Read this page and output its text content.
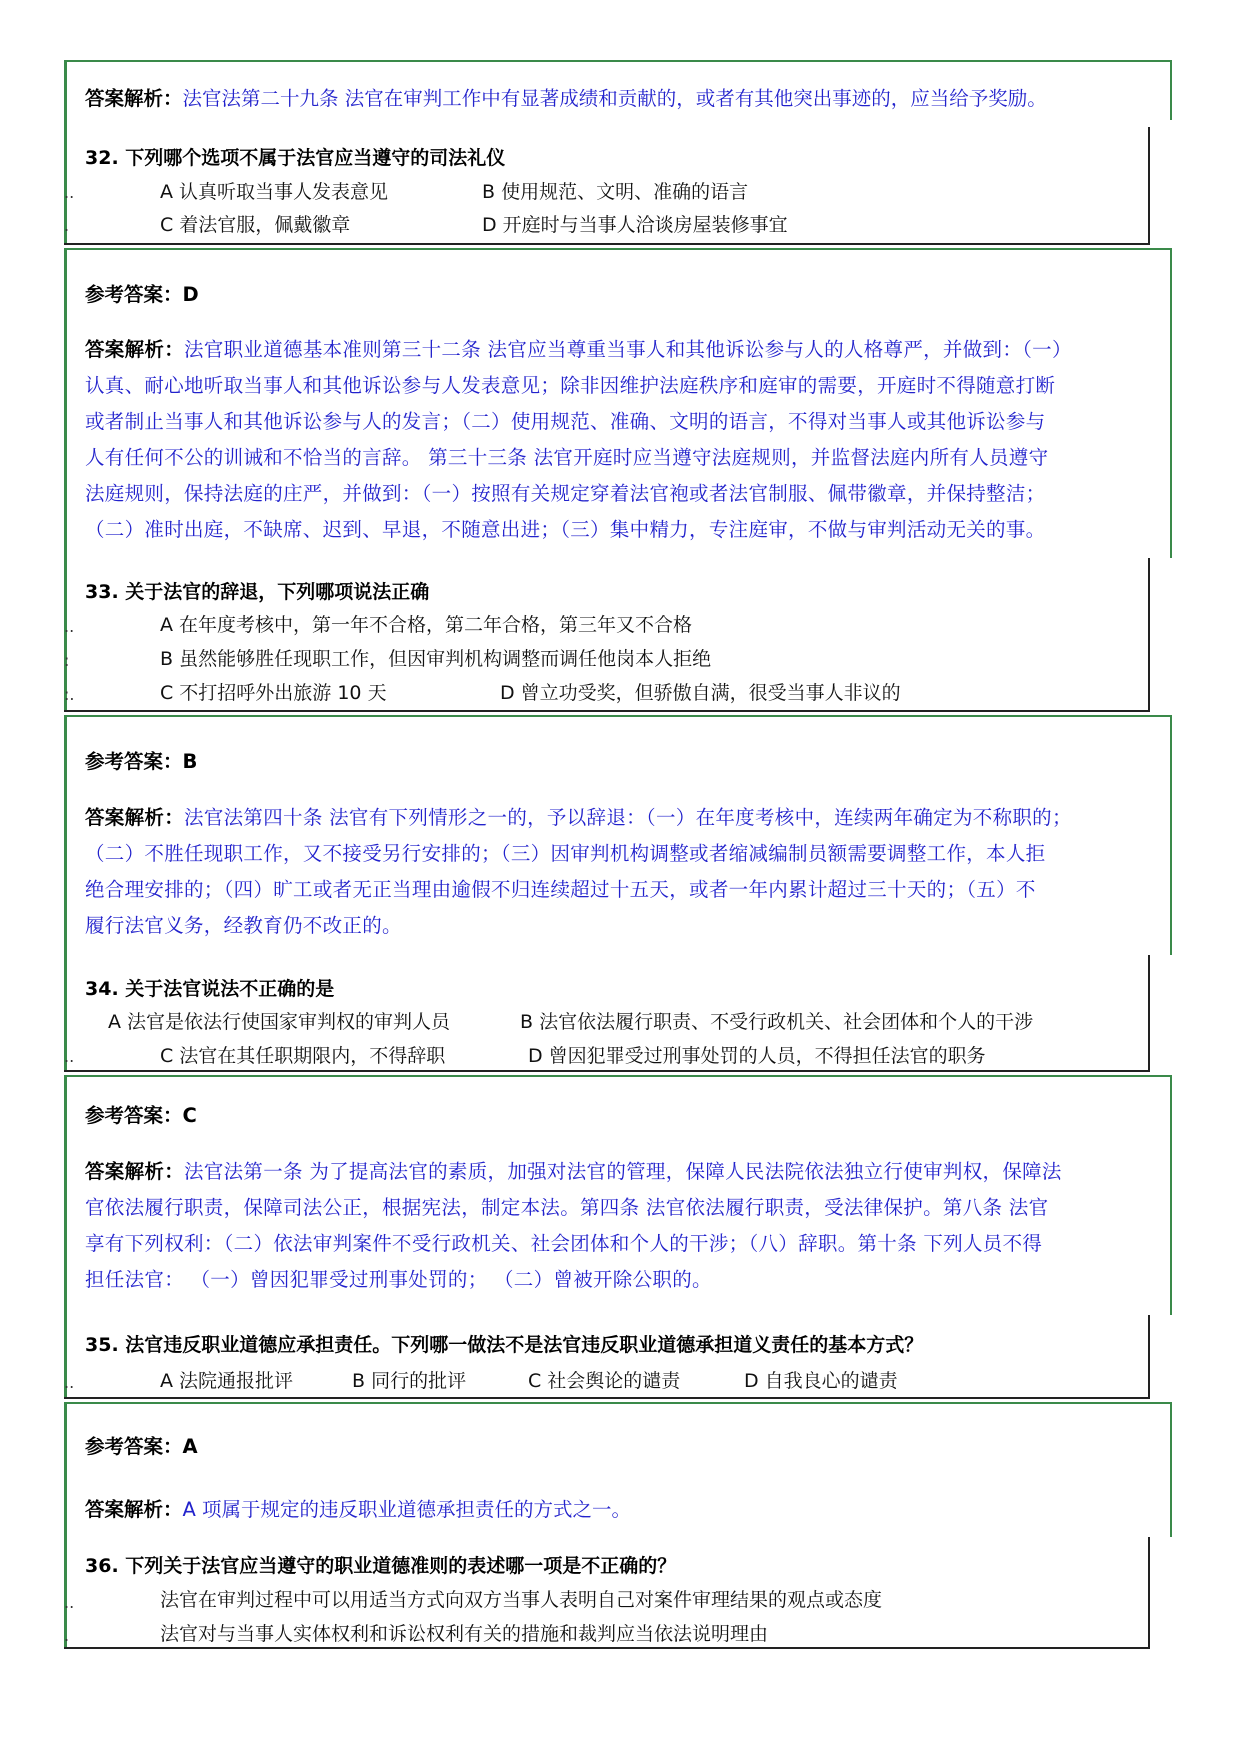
答案解析：法官法第二十九条 法官在审判工作中有显著成绩和贡献的，或者有其他突出事迹的，应当给予奖励。
32. 下列哪个选项不属于法官应当遵守的司法礼仪
..	A 认真听取当事人发表意见	B 使用规范、文明、准确的语言
.	C 着法官服，佩戴徽章	D 开庭时与当事人洽谈房屋装修事宜
参考答案：D
答案解析：法官职业道德基本准则第三十二条 法官应当尊重当事人和其他诉讼参与人的人格尊严，并做到：（一）
认真、耐心地听取当事人和其他诉讼参与人发表意见；除非因维护法庭秩序和庭审的需要，开庭时不得随意打断
或者制止当事人和其他诉讼参与人的发言；（二）使用规范、准确、文明的语言，不得对当事人或其他诉讼参与
人有任何不公的训诫和不恰当的言辞。 第三十三条 法官开庭时应当遵守法庭规则，并监督法庭内所有人员遵守
法庭规则，保持法庭的庄严，并做到：（一）按照有关规定穿着法官袍或者法官制服、佩带徽章，并保持整洁；
（二）准时出庭，不缺席、迟到、早退，不随意出进；（三）集中精力，专注庭审，不做与审判活动无关的事。
33. 关于法官的辞退，下列哪项说法正确
..	A 在年度考核中，第一年不合格，第二年合格，第三年又不合格
:	B 虽然能够胜任现职工作，但因审判机构调整而调任他岗本人拒绝
:.	C 不打招呼外出旅游 10 天	D 曾立功受奖，但骄傲自满，很受当事人非议的
参考答案：B
答案解析：法官法第四十条 法官有下列情形之一的，予以辞退：（一）在年度考核中，连续两年确定为不称职的；
（二）不胜任现职工作，又不接受另行安排的；（三）因审判机构调整或者缩减编制员额需要调整工作，本人拒
绝合理安排的；（四）旷工或者无正当理由逾假不归连续超过十五天，或者一年内累计超过三十天的；（五）不
履行法官义务，经教育仍不改正的。
34. 关于法官说法不正确的是
A 法官是依法行使国家审判权的审判人员	B 法官依法履行职责、不受行政机关、社会团体和个人的干涉
..	C 法官在其任职期限内，不得辞职	D 曾因犯罪受过刑事处罚的人员，不得担任法官的职务
参考答案：C
答案解析：法官法第一条 为了提高法官的素质，加强对法官的管理，保障人民法院依法独立行使审判权，保障法
官依法履行职责，保障司法公正，根据宪法，制定本法。第四条 法官依法履行职责，受法律保护。第八条 法官
享有下列权利：（二）依法审判案件不受行政机关、社会团体和个人的干涉；（八）辞职。第十条 下列人员不得
担任法官： （一）曾因犯罪受过刑事处罚的； （二）曾被开除公职的。
35. 法官违反职业道德应承担责任。下列哪一做法不是法官违反职业道德承担道义责任的基本方式？
..	A 法院通报批评	B 同行的批评	C 社会舆论的谴责	D 自我良心的谴责
参考答案：A
答案解析：A 项属于规定的违反职业道德承担责任的方式之一。
36. 下列关于法官应当遵守的职业道德准则的表述哪一项是不正确的？
..	法官在审判过程中可以用适当方式向双方当事人表明自己对案件审理结果的观点或态度
.	法官对与当事人实体权利和诉讼权利有关的措施和裁判应当依法说明理由
